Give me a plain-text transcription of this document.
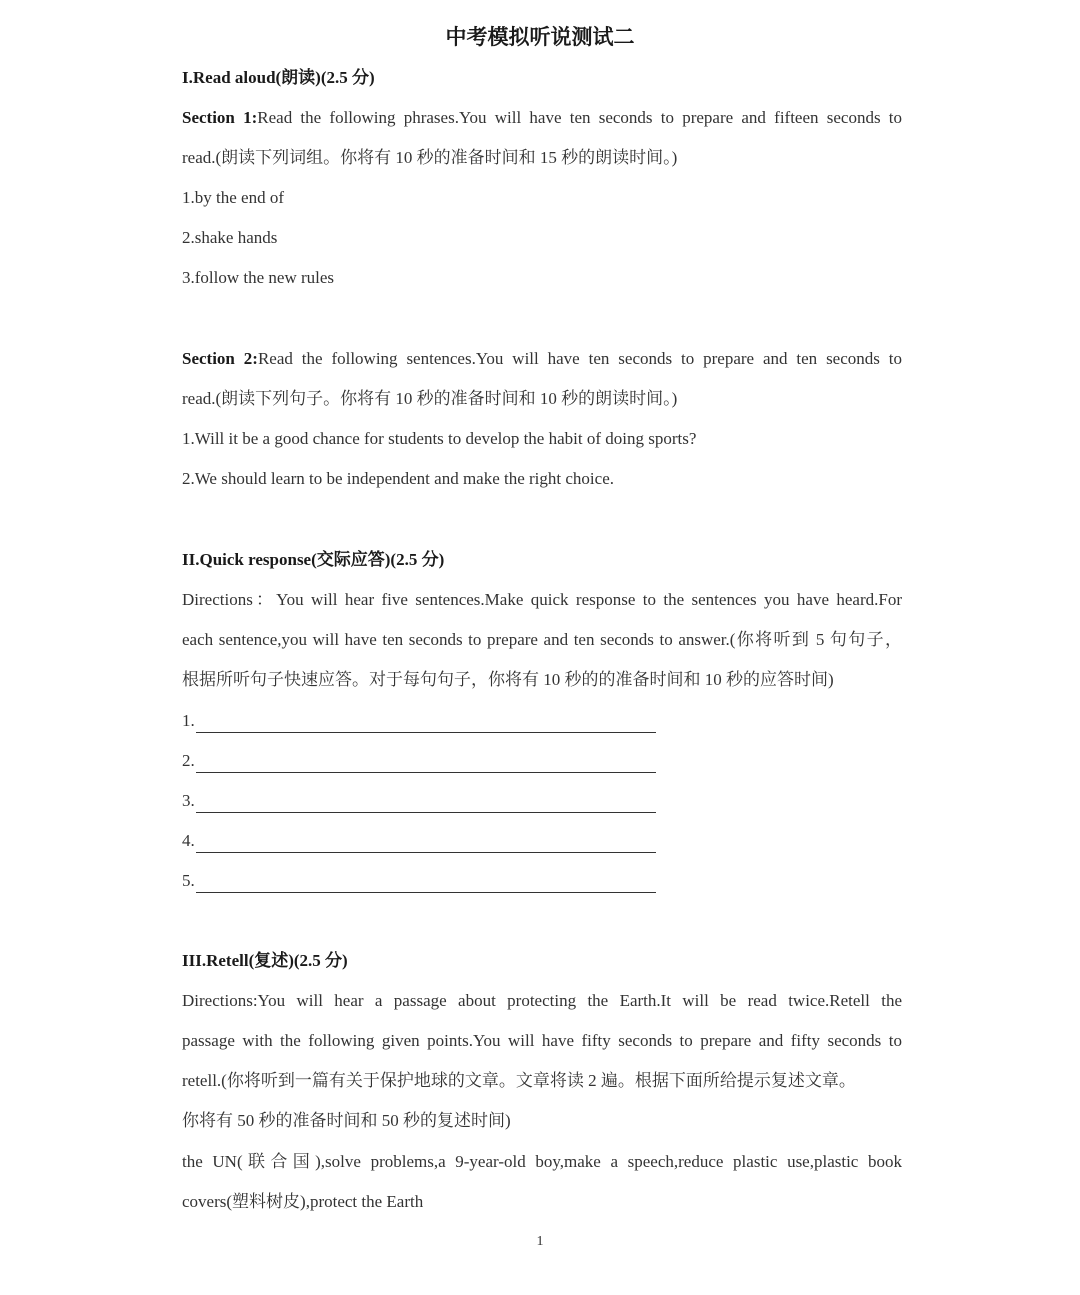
中考模拟听说测试二
I.Read aloud(朗读)(2.5 分)
Section 1:Read the following phrases.You will have ten seconds to prepare and fifteen seconds to
read.(朗读下列词组。你将有 10 秒的准备时间和 15 秒的朗读时间。)
1.by the end of
2.shake hands
3.follow the new rules
Section 2:Read the following sentences.You will have ten seconds to prepare and ten seconds to
read.(朗读下列句子。你将有 10 秒的准备时间和 10 秒的朗读时间。)
1.Will it be a good chance for students to develop the habit of doing sports?
2.We should learn to be independent and make the right choice.
II.Quick response(交际应答)(2.5 分)
Directions：You will hear five sentences.Make quick response to the sentences you have heard.For
each sentence,you will have ten seconds to prepare and ten seconds to answer.(你将听到 5 句句子，
根据所听句子快速应答。对于每句句子，你将有 10 秒的的准备时间和 10 秒的应答时间)
1.
2.
3.
4.
5.
III.Retell(复述)(2.5 分)
Directions:You will hear a passage about protecting the Earth.It will be read twice.Retell the
passage with the following given points.You will have fifty seconds to prepare and fifty seconds to
retell.(你将听到一篇有关于保护地球的文章。文章将读 2 遍。根据下面所给提示复述文章。
你将有 50 秒的准备时间和 50 秒的复述时间)
the UN(联合国),solve problems,a 9-year-old boy,make a speech,reduce plastic use,plastic book
covers(塑料树皮),protect the Earth
1
